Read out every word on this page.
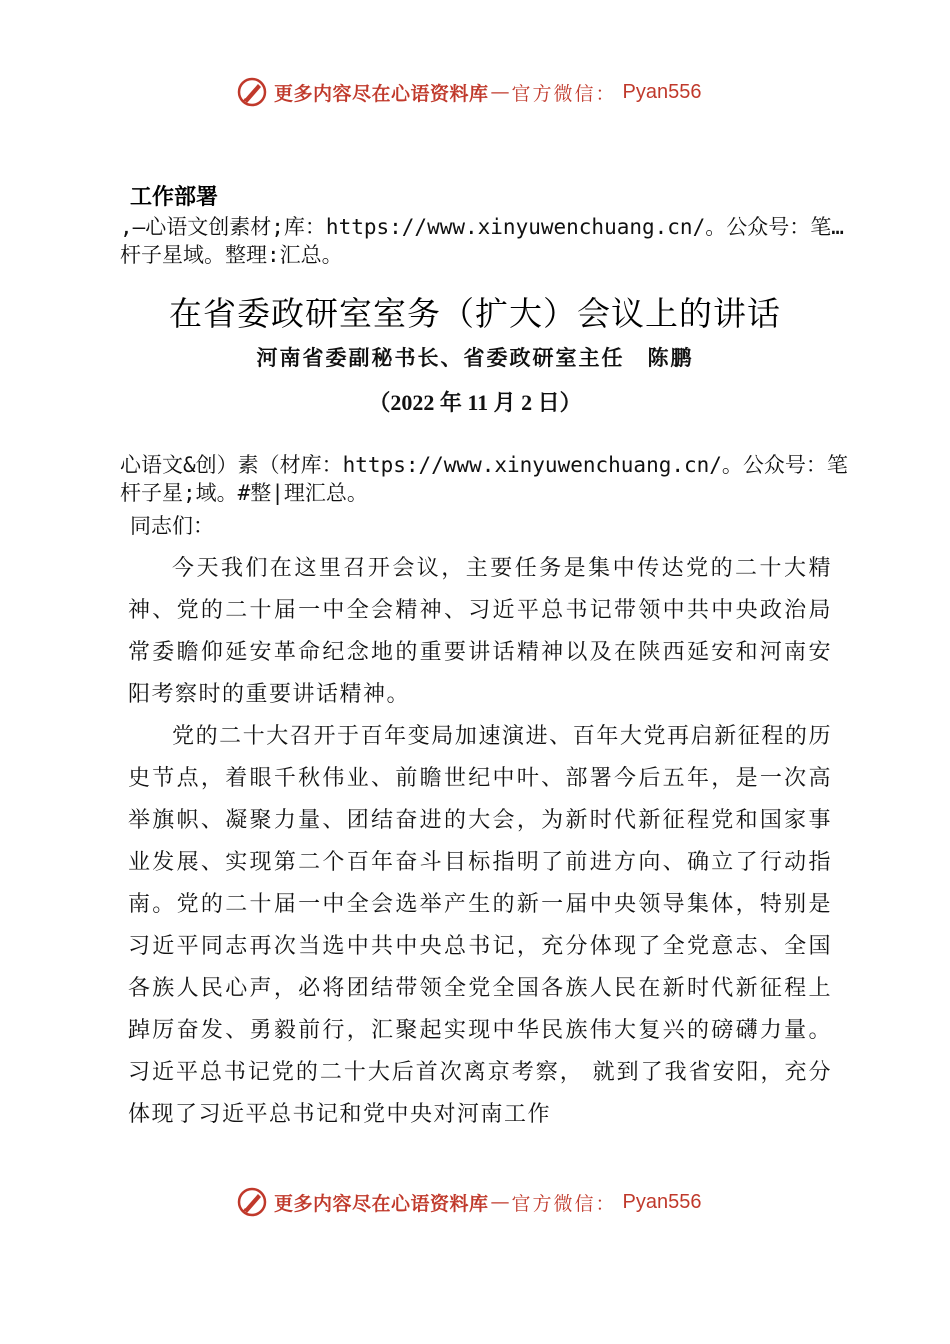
更多内容尽在心语资料库 — 官方微信： Pyan556
工作部署
,—心语文创素材;库：https://www.xinyuwenchuang.cn/。公众号：笔…杆子星域。整理:汇总。
在省委政研室室务（扩大）会议上的讲话
河南省委副秘书长、省委政研室主任　陈鹏
（2022 年 11 月 2 日）
心语文&创）素（材库：https://www.xinyuwenchuang.cn/。公众号：笔杆子星;域。#整|理汇总。
同志们：

今天我们在这里召开会议，主要任务是集中传达党的二十大精神、党的二十届一中全会精神、习近平总书记带领中共中央政治局常委瞻仰延安革命纪念地的重要讲话精神以及在陕西延安和河南安阳考察时的重要讲话精神。

党的二十大召开于百年变局加速演进、百年大党再启新征程的历史节点，着眼千秋伟业、前瞻世纪中叶、部署今后五年，是一次高举旗帜、凝聚力量、团结奋进的大会，为新时代新征程党和国家事业发展、实现第二个百年奋斗目标指明了前进方向、确立了行动指南。党的二十届一中全会选举产生的新一届中央领导集体，特别是习近平同志再次当选中共中央总书记，充分体现了全党意志、全国各族人民心声，必将团结带领全党全国各族人民在新时代新征程上踔厉奋发、勇毅前行，汇聚起实现中华民族伟大复兴的磅礴力量。习近平总书记党的二十大后首次离京考察， 就到了我省安阳，充分体现了习近平总书记和党中央对河南工作

更多内容尽在心语资料库 — 官方微信： Pyan556
